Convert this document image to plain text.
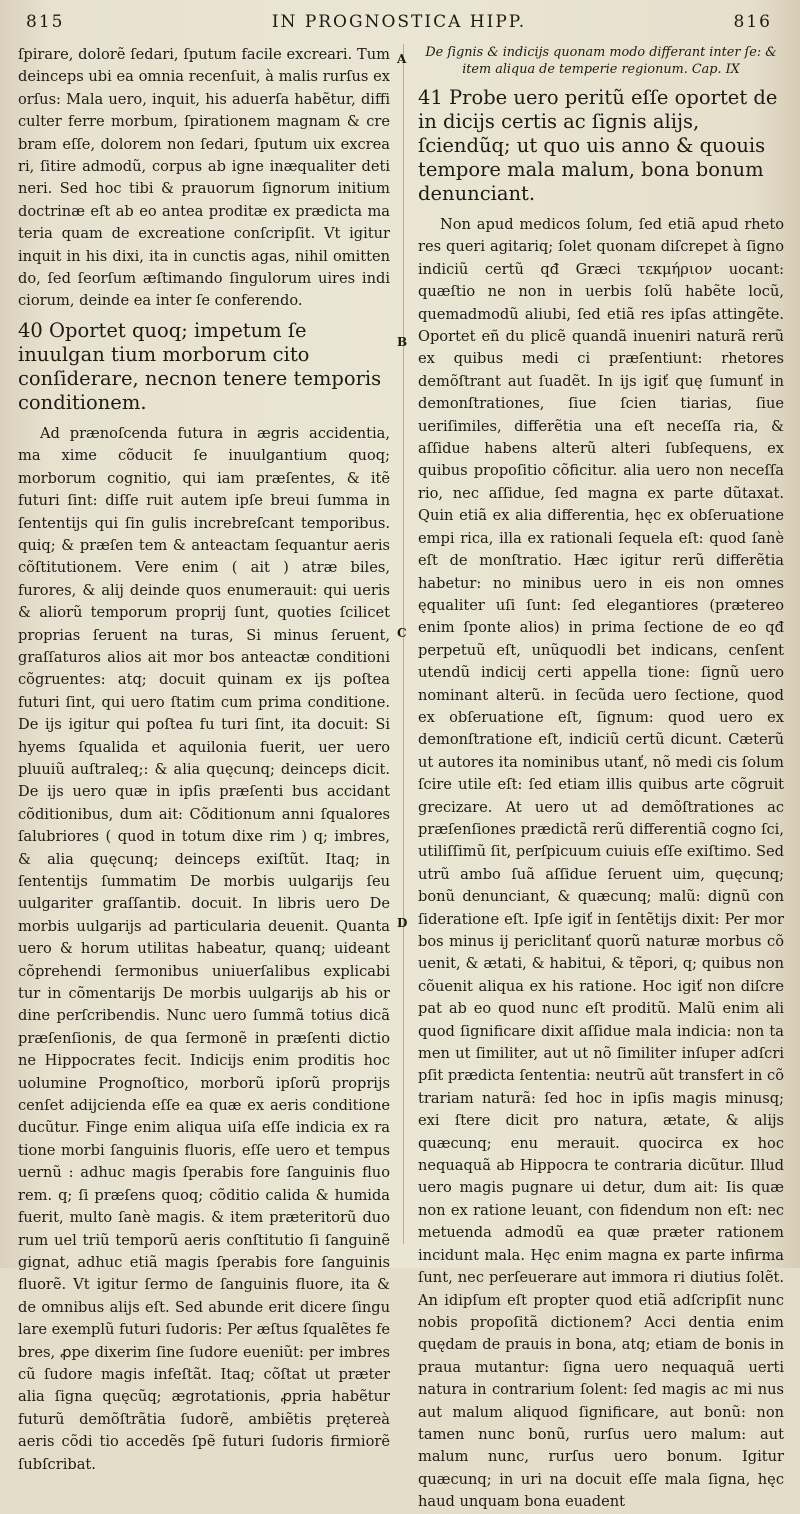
815	IN PROGNOSTICA HIPP.	816
A
B
C
D

ſpirare, dolorẽ ſedari, ſputum facile excreari. Tum deinceps ubi ea omnia recenſuit, à malis rurſus ex orſus: Mala uero, inquit, his aduerſa habẽtur, diffi culter ferre morbum, ſpirationem magnam & cre bram eſſe, dolorem non ſedari, ſputum uix excrea ri, ſitire admodũ, corpus ab igne inæqualiter deti neri. Sed hoc tibi & prauorum ſignorum initium doctrinæ eſt ab eo antea proditæ ex prædicta ma teria quam de excreatione conſcripſit. Vt igitur inquit in his dixi, ita in cunctis agas, nihil omitten do, ſed ſeorſum æſtimando ſingulorum uires indi ciorum, deinde ea inter ſe conferendo.

40 Oportet quoq; impetum ſe inuulgan tium morborum cito conſiderare, necnon tenere temporis conditionem.

Ad prænoſcenda futura in ægris accidentia, ma xime cõducit ſe inuulgantium quoq; morborum cognitio, qui iam præſentes, & itẽ futuri ſint: diſſe ruit autem ipſe breui ſumma in ſententijs qui ſin gulis increbreſcant temporibus. quiq; & præſen tem & anteactam ſequantur aeris cõſtitutionem. Vere enim ( ait ) atræ biles, furores, & alij deinde quos enumerauit: qui ueris & aliorũ temporum proprij ſunt, quoties ſcilicet proprias ſeruent na turas, Si minus ſeruent, graſſaturos alios ait mor bos anteactæ conditioni cõgruentes: atq; docuit quinam ex ijs poſtea futuri ſint, qui uero ſtatim cum prima conditione. De ijs igitur qui poſtea fu turi ſint, ita docuit: Si hyems ſqualida et aquilonia fuerit, uer uero pluuiũ auſtraleq;: & alia quęcunq; deinceps dicit. De ijs uero quæ in ipſis præſenti bus accidant cõditionibus, dum ait: Cõditionum anni ſqualores ſalubriores ( quod in totum dixe rim ) q; imbres, & alia quęcunq; deinceps exiſtũt. Itaq; in ſententijs ſummatim De morbis uulgarijs ſeu uulgariter graſſantib. docuit. In libris uero De morbis uulgarijs ad particularia deuenit. Quanta uero & horum utilitas habeatur, quanq; uideant cõprehendi ſermonibus uniuerſalibus explicabi tur in cõmentarijs De morbis uulgarijs ab his or dine perſcribendis. Nunc uero ſummã totius dicã præſenſionis, de qua ſermonẽ in præſenti dictio ne Hippocrates fecit. Indicijs enim proditis hoc uolumine Prognoſtico, morborũ ipſorũ proprijs cenſet adijcienda eſſe ea quæ ex aeris conditione ducũtur. Finge enim aliqua uiſa eſſe indicia ex ra tione morbi ſanguinis fluoris, eſſe uero et tempus uernũ : adhuc magis ſperabis fore ſanguinis fluo rem. q; ſi præſens quoq; cõditio calida & humida fuerit, multo ſanè magis. & item præteritorũ duo rum uel triũ temporũ aeris conſtitutio ſi ſanguinẽ gignat, adhuc etiã magis ſperabis fore ſanguinis fluorẽ. Vt igitur ſermo de ſanguinis fluore, ita & de omnibus alijs eſt. Sed abunde erit dicere ſingu lare exemplũ futuri ſudoris: Per æſtus ſqualẽtes fe bres, ꝓpe dixerim ſine ſudore eueniũt: per imbres cũ ſudore magis infeſtãt. Itaq; cõſtat ut præter alia ſigna quęcũq; ægrotationis, ꝓpria habẽtur futurũ demõſtrãtia ſudorẽ, ambiẽtis prętereà aeris cõdi tio accedẽs ſpẽ futuri ſudoris firmiorẽ ſubſcribat.

De ſignis & indicijs quonam modo differant inter ſe: & item aliqua de temperie regionum. Cap. IX
41 Probe uero peritũ eſſe oportet de in dicijs certis ac ſignis alijs, ſciendũq; ut quo uis anno & quouis tempore mala malum, bona bonum denunciant.

Non apud medicos ſolum, ſed etiã apud rheto res queri agitariq; ſolet quonam diſcrepet à ſigno indiciũ certũ qđ Græci τεκμήριον uocant: quæſtio ne non in uerbis ſolũ habẽte locũ, quemadmodũ aliubi, ſed etiã res ipſas attingẽte. Oportet eñ du plicẽ quandã inueniri naturã rerũ ex quibus medi ci præſentiunt: rhetores demõſtrant aut ſuadẽt. In ijs igiť quę ſumunť in demonſtrationes, ſiue ſcien tiarias, ſiue ueriſimiles, differẽtia una eſt neceſſa ria, & aſſidue habens alterũ alteri ſubſequens, ex quibus propoſitio cõficitur. alia uero non neceſſa rio, nec aſſidue, ſed magna ex parte dũtaxat. Quin etiã ex alia differentia, hęc ex obſeruatione empi rica, illa ex rationali ſequela eſt: quod ſanè eſt de monſtratio. Hæc igitur rerũ differẽtia habetur: no minibus uero in eis non omnes ęqualiter uſi ſunt: ſed elegantiores (prætereo enim ſponte alios) in prima ſectione de eo qđ perpetuũ eſt, unũquodli bet indicans, cenſent utendũ indicij certi appella tione: ſignũ uero nominant alterũ. in ſecũda uero ſectione, quod ex obſeruatione eſt, ſignum: quod uero ex demonſtratione eſt, indiciũ certũ dicunt. Cæterũ ut autores ita nominibus utanť, nõ medi cis ſolum ſcire utile eſt: ſed etiam illis quibus arte cõgruit grecizare. At uero ut ad demõſtrationes ac præſenſiones prædictã rerũ differentiã cogno ſci, utiliſſimũ ſit, perſpicuum cuiuis eſſe exiſtimo. Sed utrũ ambo ſuã aſſidue ſeruent uim, quęcunq; bonũ denunciant, & quæcunq; malũ: dignũ con ſideratione eſt. Ipſe igiť in ſentẽtijs dixit: Per mor bos minus ij periclitanť quorũ naturæ morbus cõ uenit, & ætati, & habitui, & tẽpori, q; quibus non cõuenit aliqua ex his ratione. Hoc igiť non diſcre pat ab eo quod nunc eſt proditũ. Malũ enim ali quod ſignificare dixit aſſidue mala indicia: non ta men ut ſimiliter, aut ut nõ ſimiliter inſuper adſcri pſit prædicta ſententia: neutrũ aũt transfert in cõ trariam naturã: ſed hoc in ipſis magis minusq; exi ſtere dicit pro natura, ætate, & alijs quæcunq; enu merauit. quocirca ex hoc nequaquã ab Hippocra te contraria dicũtur. Illud uero magis pugnare ui detur, dum ait: Iis quæ non ex ratione leuant, con fidendum non eſt: nec metuenda admodũ ea quæ præter rationem incidunt mala. Hęc enim magna ex parte infirma ſunt, nec perſeuerare aut immora ri diutius ſolẽt. An idipſum eſt propter quod etiã adſcripſit nunc nobis propoſitã dictionem? Acci dentia enim quędam de prauis in bona, atq; etiam de bonis in praua mutantur: ſigna uero nequaquã uerti natura in contrarium ſolent: ſed magis ac mi nus aut malum aliquod ſignificare, aut bonũ: non tamen nunc bonũ, rurſus uero malum: aut malum nunc, rurſus uero bonum. Igitur quæcunq; in uri na docuit eſſe mala ſigna, hęc haud unquam bona euadent
